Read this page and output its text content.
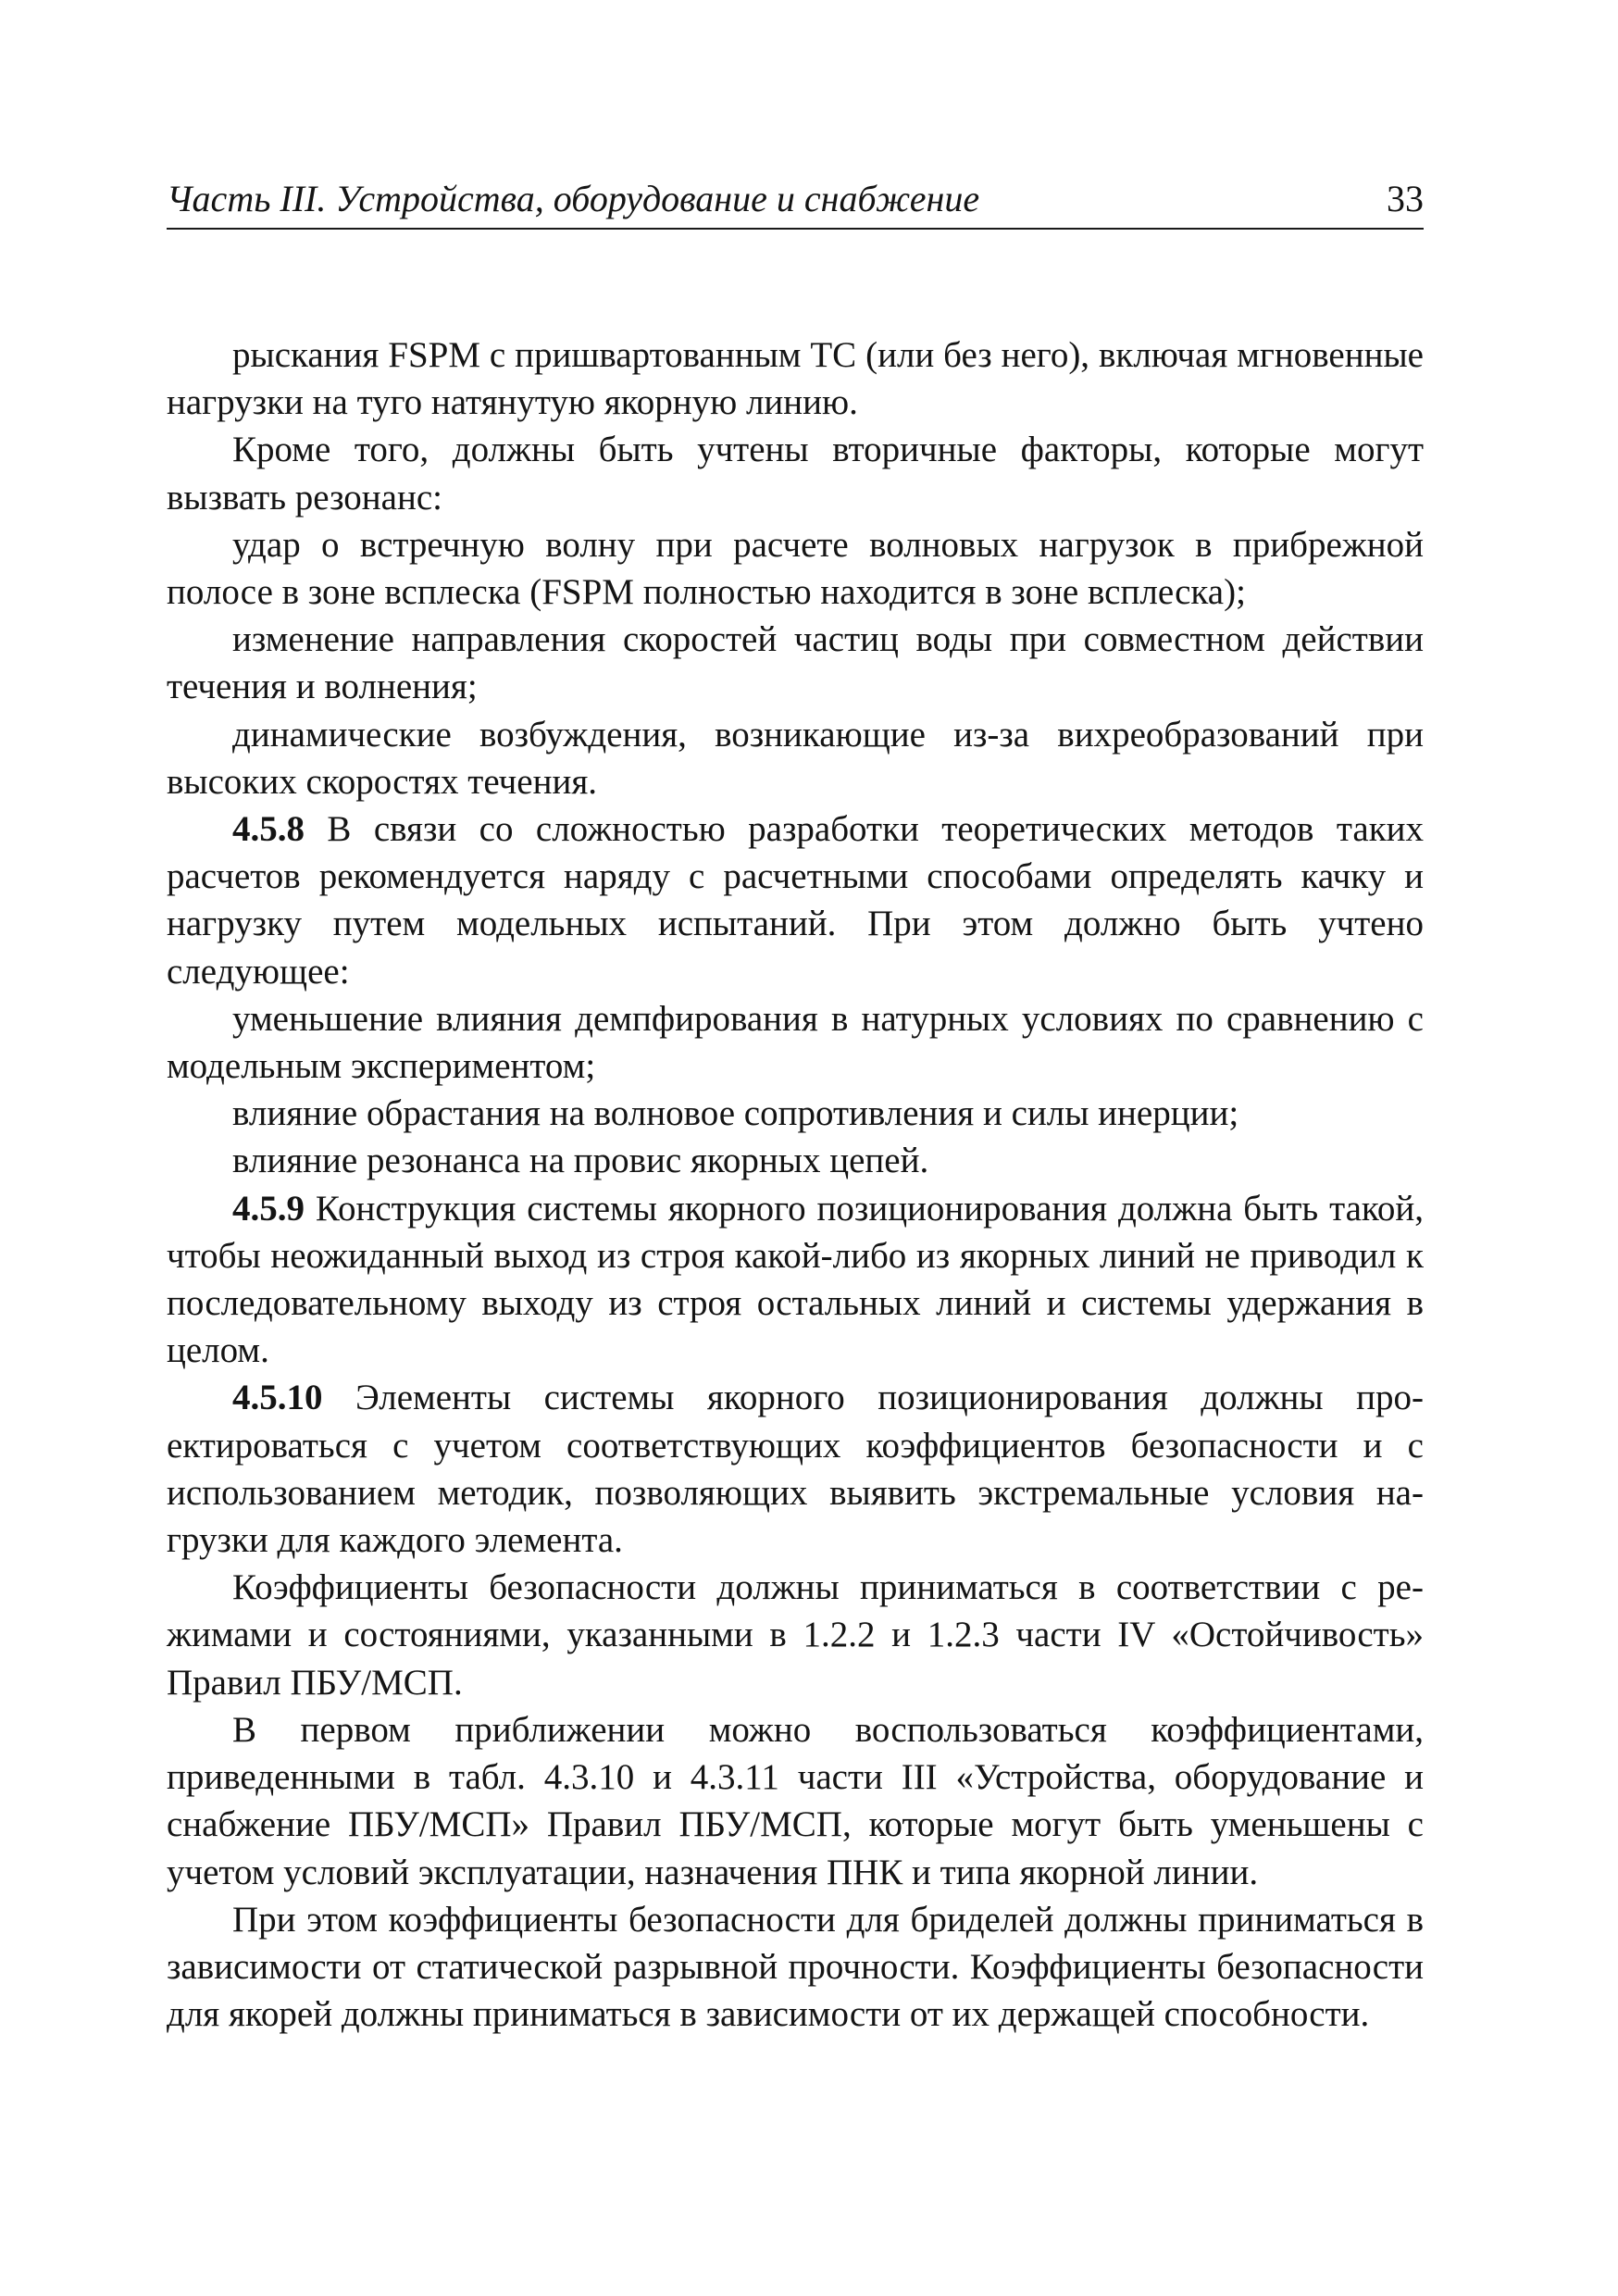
Часть III. Устройства, оборудование и снабжение	33

рыскания FSPM с пришвартованным ТС (или без него), включая мгновенные нагрузки на туго натянутую якорную линию.

Кроме того, должны быть учтены вторичные факторы, которые могут вызвать резонанс:

удар о встречную волну при расчете волновых нагрузок в прибрежной полосе в зоне всплеска (FSPM полностью находится в зоне всплеска);

изменение направления скоростей частиц воды при совместном действии течения и волнения;

динамические возбуждения, возникающие из-за вихреобразований при высоких скоростях течения.

4.5.8 В связи со сложностью разработки теоретических методов таких расчетов рекомендуется наряду с расчетными способами определять качку и нагрузку путем модельных испытаний. При этом должно быть учтено следующее:

уменьшение влияния демпфирования в натурных условиях по сравнению с модельным экспериментом;

влияние обрастания на волновое сопротивления и силы инерции;

влияние резонанса на провис якорных цепей.

4.5.9 Конструкция системы якорного позиционирования должна быть такой, чтобы неожиданный выход из строя какой-либо из якорных линий не приводил к последовательному выходу из строя остальных линий и системы удержания в целом.

4.5.10 Элементы системы якорного позиционирования должны проектироваться с учетом соответствующих коэффициентов безопасности и с использованием методик, позволяющих выявить экстремальные условия нагрузки для каждого элемента.

Коэффициенты безопасности должны приниматься в соответствии с режимами и состояниями, указанными в 1.2.2 и 1.2.3 части IV «Остойчивость» Правил ПБУ/МСП.

В первом приближении можно воспользоваться коэффициентами, приведенными в табл. 4.3.10 и 4.3.11 части III «Устройства, оборудование и снабжение ПБУ/МСП» Правил ПБУ/МСП, которые могут быть уменьшены с учетом условий эксплуатации, назначения ПНК и типа якорной линии.

При этом коэффициенты безопасности для бриделей должны приниматься в зависимости от статической разрывной прочности. Коэффициенты безопасности для якорей должны приниматься в зависимости от их держащей способности.
